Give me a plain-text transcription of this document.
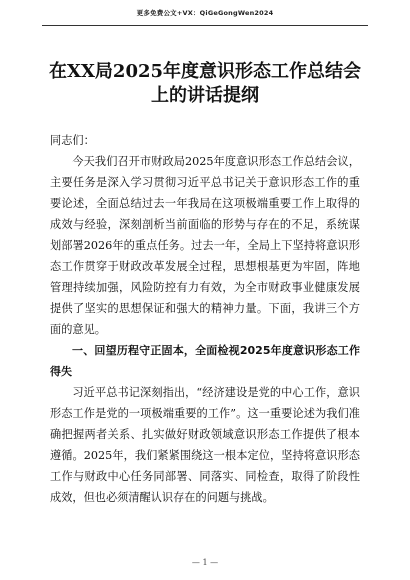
更多免费公文+VX：QiGeGongWen2024
在XX局2025年度意识形态工作总结会上的讲话提纲

同志们：

今天我们召开市财政局2025年度意识形态工作总结会议，主要任务是深入学习贯彻习近平总书记关于意识形态工作的重要论述，全面总结过去一年我局在这项极端重要工作上取得的成效与经验，深刻剖析当前面临的形势与存在的不足，系统谋划部署2026年的重点任务。过去一年，全局上下坚持将意识形态工作贯穿于财政改革发展全过程，思想根基更为牢固，阵地管理持续加强，风险防控有力有效，为全市财政事业健康发展提供了坚实的思想保证和强大的精神力量。下面，我讲三个方面的意见。

一、回望历程守正固本，全面检视2025年度意识形态工作得失

习近平总书记深刻指出，“经济建设是党的中心工作，意识形态工作是党的一项极端重要的工作”。这一重要论述为我们准确把握两者关系、扎实做好财政领域意识形态工作提供了根本遵循。2025年，我们紧紧围绕这一根本定位，坚持将意识形态工作与财政中心任务同部署、同落实、同检查，取得了阶段性成效，但也必须清醒认识存在的问题与挑战。

— 1 —
